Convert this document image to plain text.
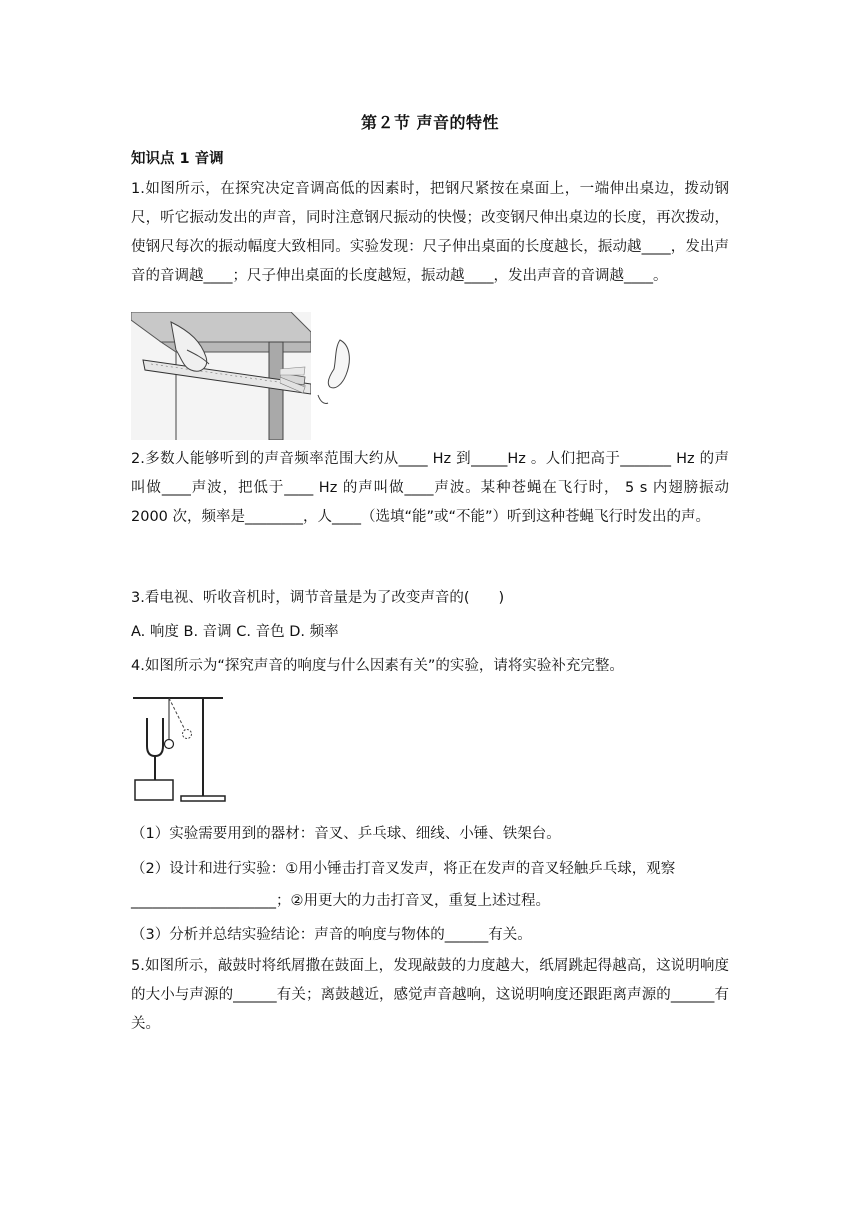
第２节 声音的特性
知识点 1 音调
1.如图所示，在探究决定音调高低的因素时，把钢尺紧按在桌面上，一端伸出桌边，拨动钢尺，听它振动发出的声音，同时注意钢尺振动的快慢；改变钢尺伸出桌边的长度，再次拨动，使钢尺每次的振动幅度大致相同。实验发现：尺子伸出桌面的长度越长，振动越____，发出声音的音调越____；尺子伸出桌面的长度越短，振动越____，发出声音的音调越____。
2.多数人能够听到的声音频率范围大约从____ Hz 到_____Hz 。人们把高于_______ Hz 的声叫做____声波，把低于____ Hz 的声叫做____声波。某种苍蝇在飞行时， 5 s 内翅膀振动 2000 次，频率是________，人____（选填“能”或“不能”）听到这种苍蝇飞行时发出的声。
3.看电视、听收音机时，调节音量是为了改变声音的(　　)
A. 响度 B. 音调 C. 音色 D. 频率
4.如图所示为“探究声音的响度与什么因素有关”的实验，请将实验补充完整。
（1）实验需要用到的器材：音叉、乒乓球、细线、小锤、铁架台。
（2）设计和进行实验：①用小锤击打音叉发声，将正在发声的音叉轻触乒乓球，观察
____________________；②用更大的力击打音叉，重复上述过程。
（3）分析并总结实验结论：声音的响度与物体的______有关。
5.如图所示，敲鼓时将纸屑撒在鼓面上，发现敲鼓的力度越大，纸屑跳起得越高，这说明响度的大小与声源的______有关；离鼓越近，感觉声音越响，这说明响度还跟距离声源的______有关。
